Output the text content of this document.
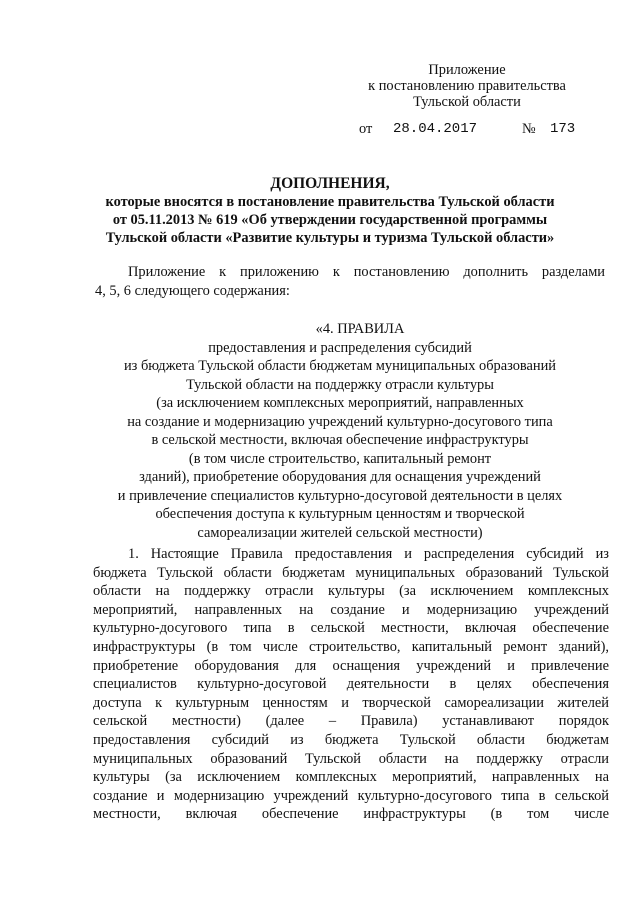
Приложение
к постановлению правительства
Тульской области
от 28.04.2017	№ 173
ДОПОЛНЕНИЯ,
которые вносятся в постановление правительства Тульской области
от 05.11.2013 № 619 «Об утверждении государственной программы
Тульской области «Развитие культуры и туризма Тульской области»
Приложение к приложению к постановлению дополнить разделами
4, 5, 6 следующего содержания:
«4. ПРАВИЛА
предоставления и распределения субсидий
из бюджета Тульской области бюджетам муниципальных образований
Тульской области на поддержку отрасли культуры
(за исключением комплексных мероприятий, направленных
на создание и модернизацию учреждений культурно-досугового типа
в сельской местности, включая обеспечение инфраструктуры
(в том числе строительство, капитальный ремонт
зданий), приобретение оборудования для оснащения учреждений
и привлечение специалистов культурно-досуговой деятельности в целях
обеспечения доступа к культурным ценностям и творческой
самореализации жителей сельской местности)
1. Настоящие Правила предоставления и распределения субсидий из
бюджета Тульской области бюджетам муниципальных образований Тульской
области на поддержку отрасли культуры (за исключением комплексных
мероприятий, направленных на создание и модернизацию учреждений
культурно-досугового типа в сельской местности, включая обеспечение
инфраструктуры (в том числе строительство, капитальный ремонт зданий),
приобретение оборудования для оснащения учреждений и привлечение
специалистов культурно-досуговой деятельности в целях обеспечения
доступа к культурным ценностям и творческой самореализации жителей
сельской местности) (далее – Правила) устанавливают порядок
предоставления субсидий из бюджета Тульской области бюджетам
муниципальных образований Тульской области на поддержку отрасли
культуры (за исключением комплексных мероприятий, направленных на
создание и модернизацию учреждений культурно-досугового типа в сельской
местности, включая обеспечение инфраструктуры (в том числе
